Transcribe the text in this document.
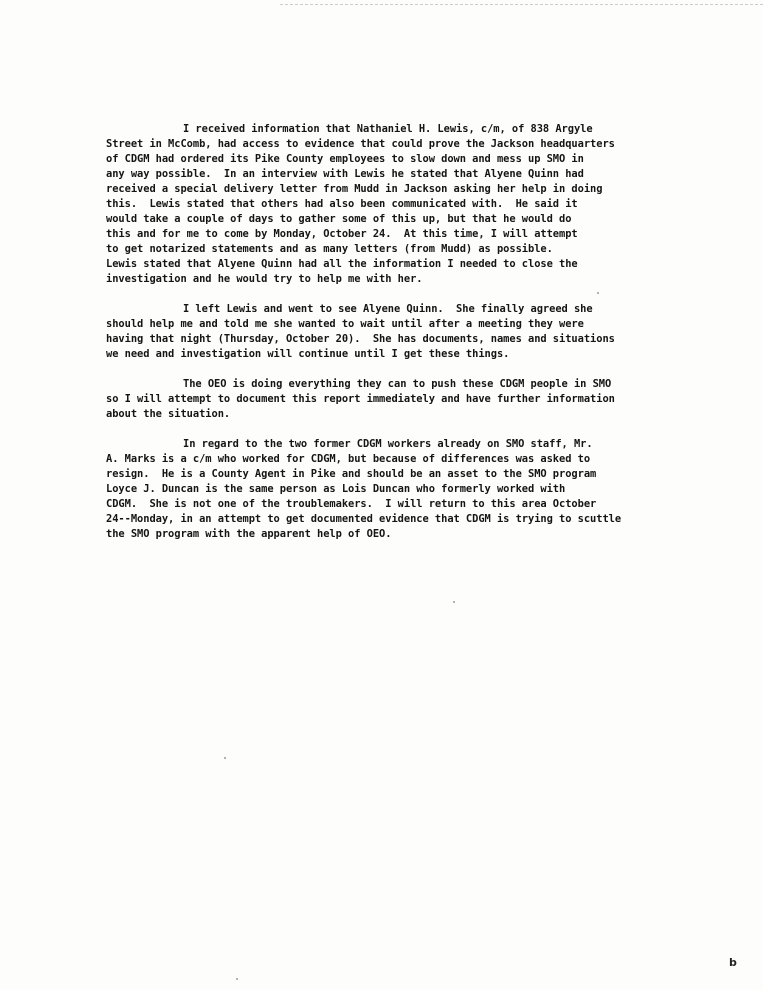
I received information that Nathaniel H. Lewis, c/m, of 838 Argyle
Street in McComb, had access to evidence that could prove the Jackson headquarters
of CDGM had ordered its Pike County employees to slow down and mess up SMO in
any way possible.  In an interview with Lewis he stated that Alyene Quinn had
received a special delivery letter from Mudd in Jackson asking her help in doing
this.  Lewis stated that others had also been communicated with.  He said it
would take a couple of days to gather some of this up, but that he would do
this and for me to come by Monday, October 24.  At this time, I will attempt
to get notarized statements and as many letters (from Mudd) as possible.
Lewis stated that Alyene Quinn had all the information I needed to close the
investigation and he would try to help me with her.
I left Lewis and went to see Alyene Quinn.  She finally agreed she
should help me and told me she wanted to wait until after a meeting they were
having that night (Thursday, October 20).  She has documents, names and situations
we need and investigation will continue until I get these things.
The OEO is doing everything they can to push these CDGM people in SMO
so I will attempt to document this report immediately and have further information
about the situation.
In regard to the two former CDGM workers already on SMO staff, Mr.
A. Marks is a c/m who worked for CDGM, but because of differences was asked to
resign.  He is a County Agent in Pike and should be an asset to the SMO program
Loyce J. Duncan is the same person as Lois Duncan who formerly worked with
CDGM.  She is not one of the troublemakers.  I will return to this area October
24--Monday, in an attempt to get documented evidence that CDGM is trying to scuttle
the SMO program with the apparent help of OEO.
b
